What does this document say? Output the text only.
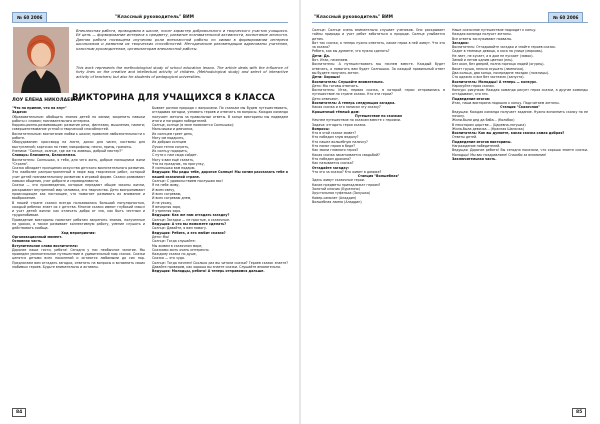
№ 60 2006	"Классный руководитель" ВИМ
ЛОУ ЕЛЕНА НИКОЛАЕВНА
Внеклассная работа, проводимая в школе, носит характер добровольного и творческого участия учащихся. Её цель — формирование интереса к предмету, развитие познавательной активности, воспитание личности. Данная работа посвящена изучению роли внеклассной работы по химии в формировании интереса школьников и развитии их творческих способностей. Методические рекомендации адресованы учителям, классным руководителям, организаторам внеклассной работы.
This work represents the methodological study of school education lesson. The article deals with the influence of forty lines on the creative and intellectual activity of children. (Methodological study) and select of interactive activity of teachers; but also for students of pedagogical universities.
ВИКТОРИНА ДЛЯ УЧАЩИХСЯ 8 КЛАССА

"Что на приеме, что на кнут"

Задачи:

Образовательные: обобщить знания детей по химии; закрепить навыки работы с словом; познавательного интереса.

Коррекционно-развивающие: развитие речи, фантазии, мышления, памяти; совершенствование устной и творческой способностей.

Воспитательные: воспитание любви к школе; привитие любознательности к работе.

Оборудование: кроссворд на листе, доски для чисел, костюмы для выступлений; карточки по теме; микрофоны; песни, призы, грамоты.

Ученики: "Солнце, солнце, где же ты живешь, добрый мастер?"

Словарь: Елизавета, Белоснежка.

Воспитатель: Солнышко, я тебя, для чего жить, добрые помощники жили "Страна".

Сказка обладает принципом искусства детского воспитательного развития. Это наиболее распространенный в мире вид творческих работ, который учит детей познавательному развитию в игровой форме. Сказки развивают навыки общения, учат доброте и справедливости.

Сказки — это произведения, которые передают общие законы жизни, раскрывают внутренний мир человека, его творчество. Дети воспринимают происходящее как настоящее, что помогает развивать их внимание и воображение.

В нашей стране сказки всегда пользовались большой популярностью, каждый ребенок знает их с детства. Многие сказки имеют глубокий смысл и учат детей жизни: как отличать добро от зла, как быть честным и трудолюбивым.

Проведение викторины помогает ребятам закрепить знания, полученные на уроках, а также развивает коллективную работу, умение слушать и действовать сообща.

Ход мероприятия:

Организационный момент.

Основная часть.

Вступительное слово воспитателя:

Дорогие наши гости, ребята! Сегодня у нас необычное занятие. Мы проведем увлекательное путешествие в удивительный мир сказок. Сказки ценятся детьми всех поколений и остаются любимыми до сих пор. Предлагаем вам отгадать загадки, ответить на вопросы и вспомнить своих любимых героев. Будьте внимательны и активны.

Бывает разная природа с вопросами. По сказкам мы будем путешествовать, отгадывая загадки, узнавать героев и отвечать на вопросы. Каждая команда получает жетоны за правильные ответы. В конце викторины мы подведем итоги и наградим победителей.

Солнце, солнце (в зале появляется Солнышко):

Мальчишки и девчонки,

Их солнцем греет день,

Могу им подарить,

Их добрым солнцем

Лучом тепла согреть,

Их солнцу подарить,

С пути к нам сюда сойдет.

Могу я вам ещё сказать,

Что на праздник, на прогулку,

Я солнышко вам подарю.

Ведущая: Мы рады тебе, дорогое Солнце! Мы хотим рассказать тебе о нашей сказочной стране.

Солнце: С удовольствием послушаю вас!

Я на небе живу,

И всем свечу,

И всех согреваю,

И всех согреваю днем,

И не ухожу,

Я вечерняя заря,

Я утренняя заря.

Ведущая: Как же нам отгадать загадку?

Солнце: Загадки — не простые, а сказочные.

Ведущая: А что вы поможете сделать?

Солнце: Давайте, я вам помогу.

Ведущая: Ребята, а кто любит сказки?

Дети: Мы!

Солнце: Тогда слушайте:

Мы живем в сказочном мире,

Сказками жить очень интересно.

Каждому сказка по душе,

Сказка — это чудо.

Солнце: Тогда начнем! Сколько раз вы читали сказки? Героев сказок знаете? Давайте проверим, как хорошо вы знаете сказки. Слушайте внимательно.

Ведущая: Молодцы, ребята! А теперь отправимся дальше.

84
"Классный руководитель" ВИМ	№ 60 2006

Солнце: Солнце очень внимательно слушает учеников. Оно раскрывает тайны природы и учит ребят заботиться о природе. Солнце улыбается детям.

Вот так сказка, а теперь нужно ответить, какие герои в ней живут. Что это за сказка?

Ребята, как вы думаете, что нужно сделать?

Дети: Да.

Вот. Итак, начинаем.

Воспитатель: А путешествовать мы начнем вместе. Каждый будет отвечать, а помогать вам будет Солнышко. За каждый правильный ответ вы будете получать жетон.

Дети: Хорошо!

Воспитатель: Слушайте внимательно.

Дети: Мы готовы отвечать.

Воспитатель: Итак, первая сказка, в которой герои отправились в путешествие по стране сказок. Кто эти герои?

Дети отвечают.

Воспитатель: А теперь следующая загадка.

Какая сказка и кто написал эту сказку?

Крошечный тёплый дом:

Путешествие по сказкам

Начнем путешествие по сказкам вместе с героями.

Задача: отгадать героя сказки.

Вопросы:

Кто в этой сказке живет?

Кто победил злую ведьму?

Кто нашел волшебную палочку?

Кто помог герою в беде?

Как звали главного героя?

Какая сказка заканчивается свадьбой?

Кто победил дракона?

Как называется сказка?

Отгадайте загадку:

Что это за сказка? Кто живет в домике?

Станция "Волшебная"

Здесь живут сказочные герои.

Какие предметы принадлежат героям?

Золотой ключик (Буратино)

Хрустальная туфелька (Золушка)

Ковер-самолет (Аладдин)

Волшебная лампа (Аладдин)

Наше сказочное путешествие подходит к концу.

Каждая команда получит жетоны.

Все ответы заслуживают похвалы.

Загадки:

Воспитатель: Отгадывайте загадки и знайте героев сказок.

Сидит в темнице девица, а коса на улице (морковь).

Не лает, не кусает, а в дом не пускает (замок).

Зимой и летом одним цветом (ель).

Без окон, без дверей, полна горница людей (огурец).

Висит груша, нельзя скушать (лампочка).

Два кольца, два конца, посередине гвоздик (ножницы).

Сто одежек и все без застежек (капуста).

Воспитатель: Молодцы! А теперь — конкурс.

Нарисуйте героя сказки.

Конкурс рисунков: Каждая команда рисует героя сказки, а другие команды отгадывают, кто это.

Подведение итогов:

Итак, наша викторина подошла к концу. Подсчитаем жетоны.

Станция "Сказочная"

Ведущая: Каждая команда получает задание. Нужно вспомнить сказку по ее началу.

Жили-были дед да баба... (Колобок)

В некотором царстве... (Царевна-лягушка)

Жила-была девочка... (Красная Шапочка)

Воспитатель: Как вы думаете, какая сказка самая добрая?

Ответы детей.

Подведение итогов викторины.

Награждение победителей.

Ведущая: Дорогие ребята! Вы сегодня показали, что хорошо знаете сказки. Молодцы! Мы вас поздравляем! Спасибо за внимание!

Заключительная часть.

85
